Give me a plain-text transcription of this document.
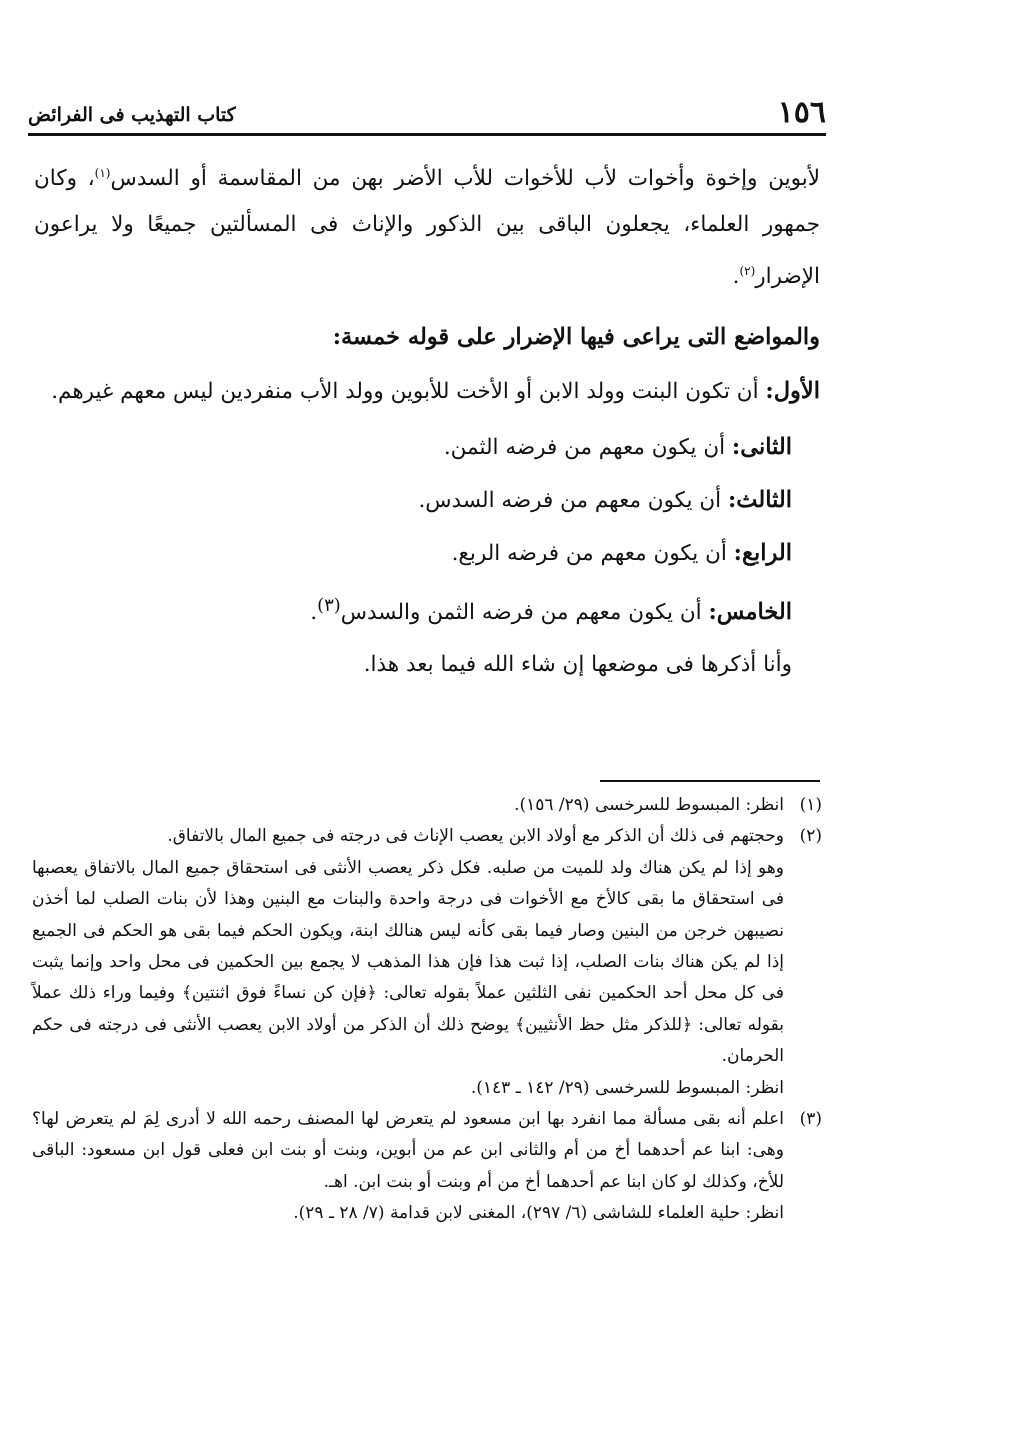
١٥٦
كتاب التهذيب فى الفرائض

لأبوين وإخوة وأخوات لأب للأخوات للأب الأضر بهن من المقاسمة أو السدس$^{(١)}$، وكان جمهور العلماء، يجعلون الباقى بين الذكور والإناث فى المسألتين جميعًا ولا يراعون الإضرار$^{(٢)}$.

والمواضع التى يراعى فيها الإضرار على قوله خمسة:

الأول: أن تكون البنت وولد الابن أو الأخت للأبوين وولد الأب منفردين ليس معهم غيرهم.

الثانى: أن يكون معهم من فرضه الثمن.

الثالث: أن يكون معهم من فرضه السدس.

الرابع: أن يكون معهم من فرضه الربع.

الخامس: أن يكون معهم من فرضه الثمن والسدس$^{(٣)}$.

وأنا أذكرها فى موضعها إن شاء الله فيما بعد هذا.

(١)
انظر: المبسوط للسرخسى (٢٩/ ١٥٦).
(٢)
وحجتهم فى ذلك أن الذكر مع أولاد الابن يعصب الإناث فى درجته فى جميع المال بالاتفاق.
وهو إذا لم يكن هناك ولد للميت من صلبه. فكل ذكر يعصب الأنثى فى استحقاق جميع المال بالاتفاق يعصبها فى استحقاق ما بقى كالأخ مع الأخوات فى درجة واحدة والبنات مع البنين وهذا لأن بنات الصلب لما أخذن نصيبهن خرجن من البنين وصار فيما بقى كأنه ليس هنالك ابنة، ويكون الحكم فيما بقى هو الحكم فى الجميع إذا لم يكن هناك بنات الصلب، إذا ثبت هذا فإن هذا المذهب لا يجمع بين الحكمين فى محل واحد وإنما يثبت فى كل محل أحد الحكمين نفى الثلثين عملاً بقوله تعالى: ﴿فإن كن نساءً فوق اثنتين﴾ وفيما وراء ذلك عملاً بقوله تعالى: ﴿للذكر مثل حظ الأنثيين﴾ يوضح ذلك أن الذكر من أولاد الابن يعصب الأنثى فى درجته فى حكم الحرمان.
انظر: المبسوط للسرخسى (٢٩/ ١٤٢ ـ ١٤٣).
(٣)
اعلم أنه بقى مسألة مما انفرد بها ابن مسعود لم يتعرض لها المصنف رحمه الله لا أدرى لِمَ لم يتعرض لها؟ وهى: ابنا عم أحدهما أخ من أم والثانى ابن عم من أبوين، وبنت أو بنت ابن فعلى قول ابن مسعود: الباقى للأخ، وكذلك لو كان ابنا عم أحدهما أخ من أم وبنت أو بنت ابن. اهـ.
انظر: حلية العلماء للشاشى (٦/ ٢٩٧)، المغنى لابن قدامة (٧/ ٢٨ ـ ٢٩).
